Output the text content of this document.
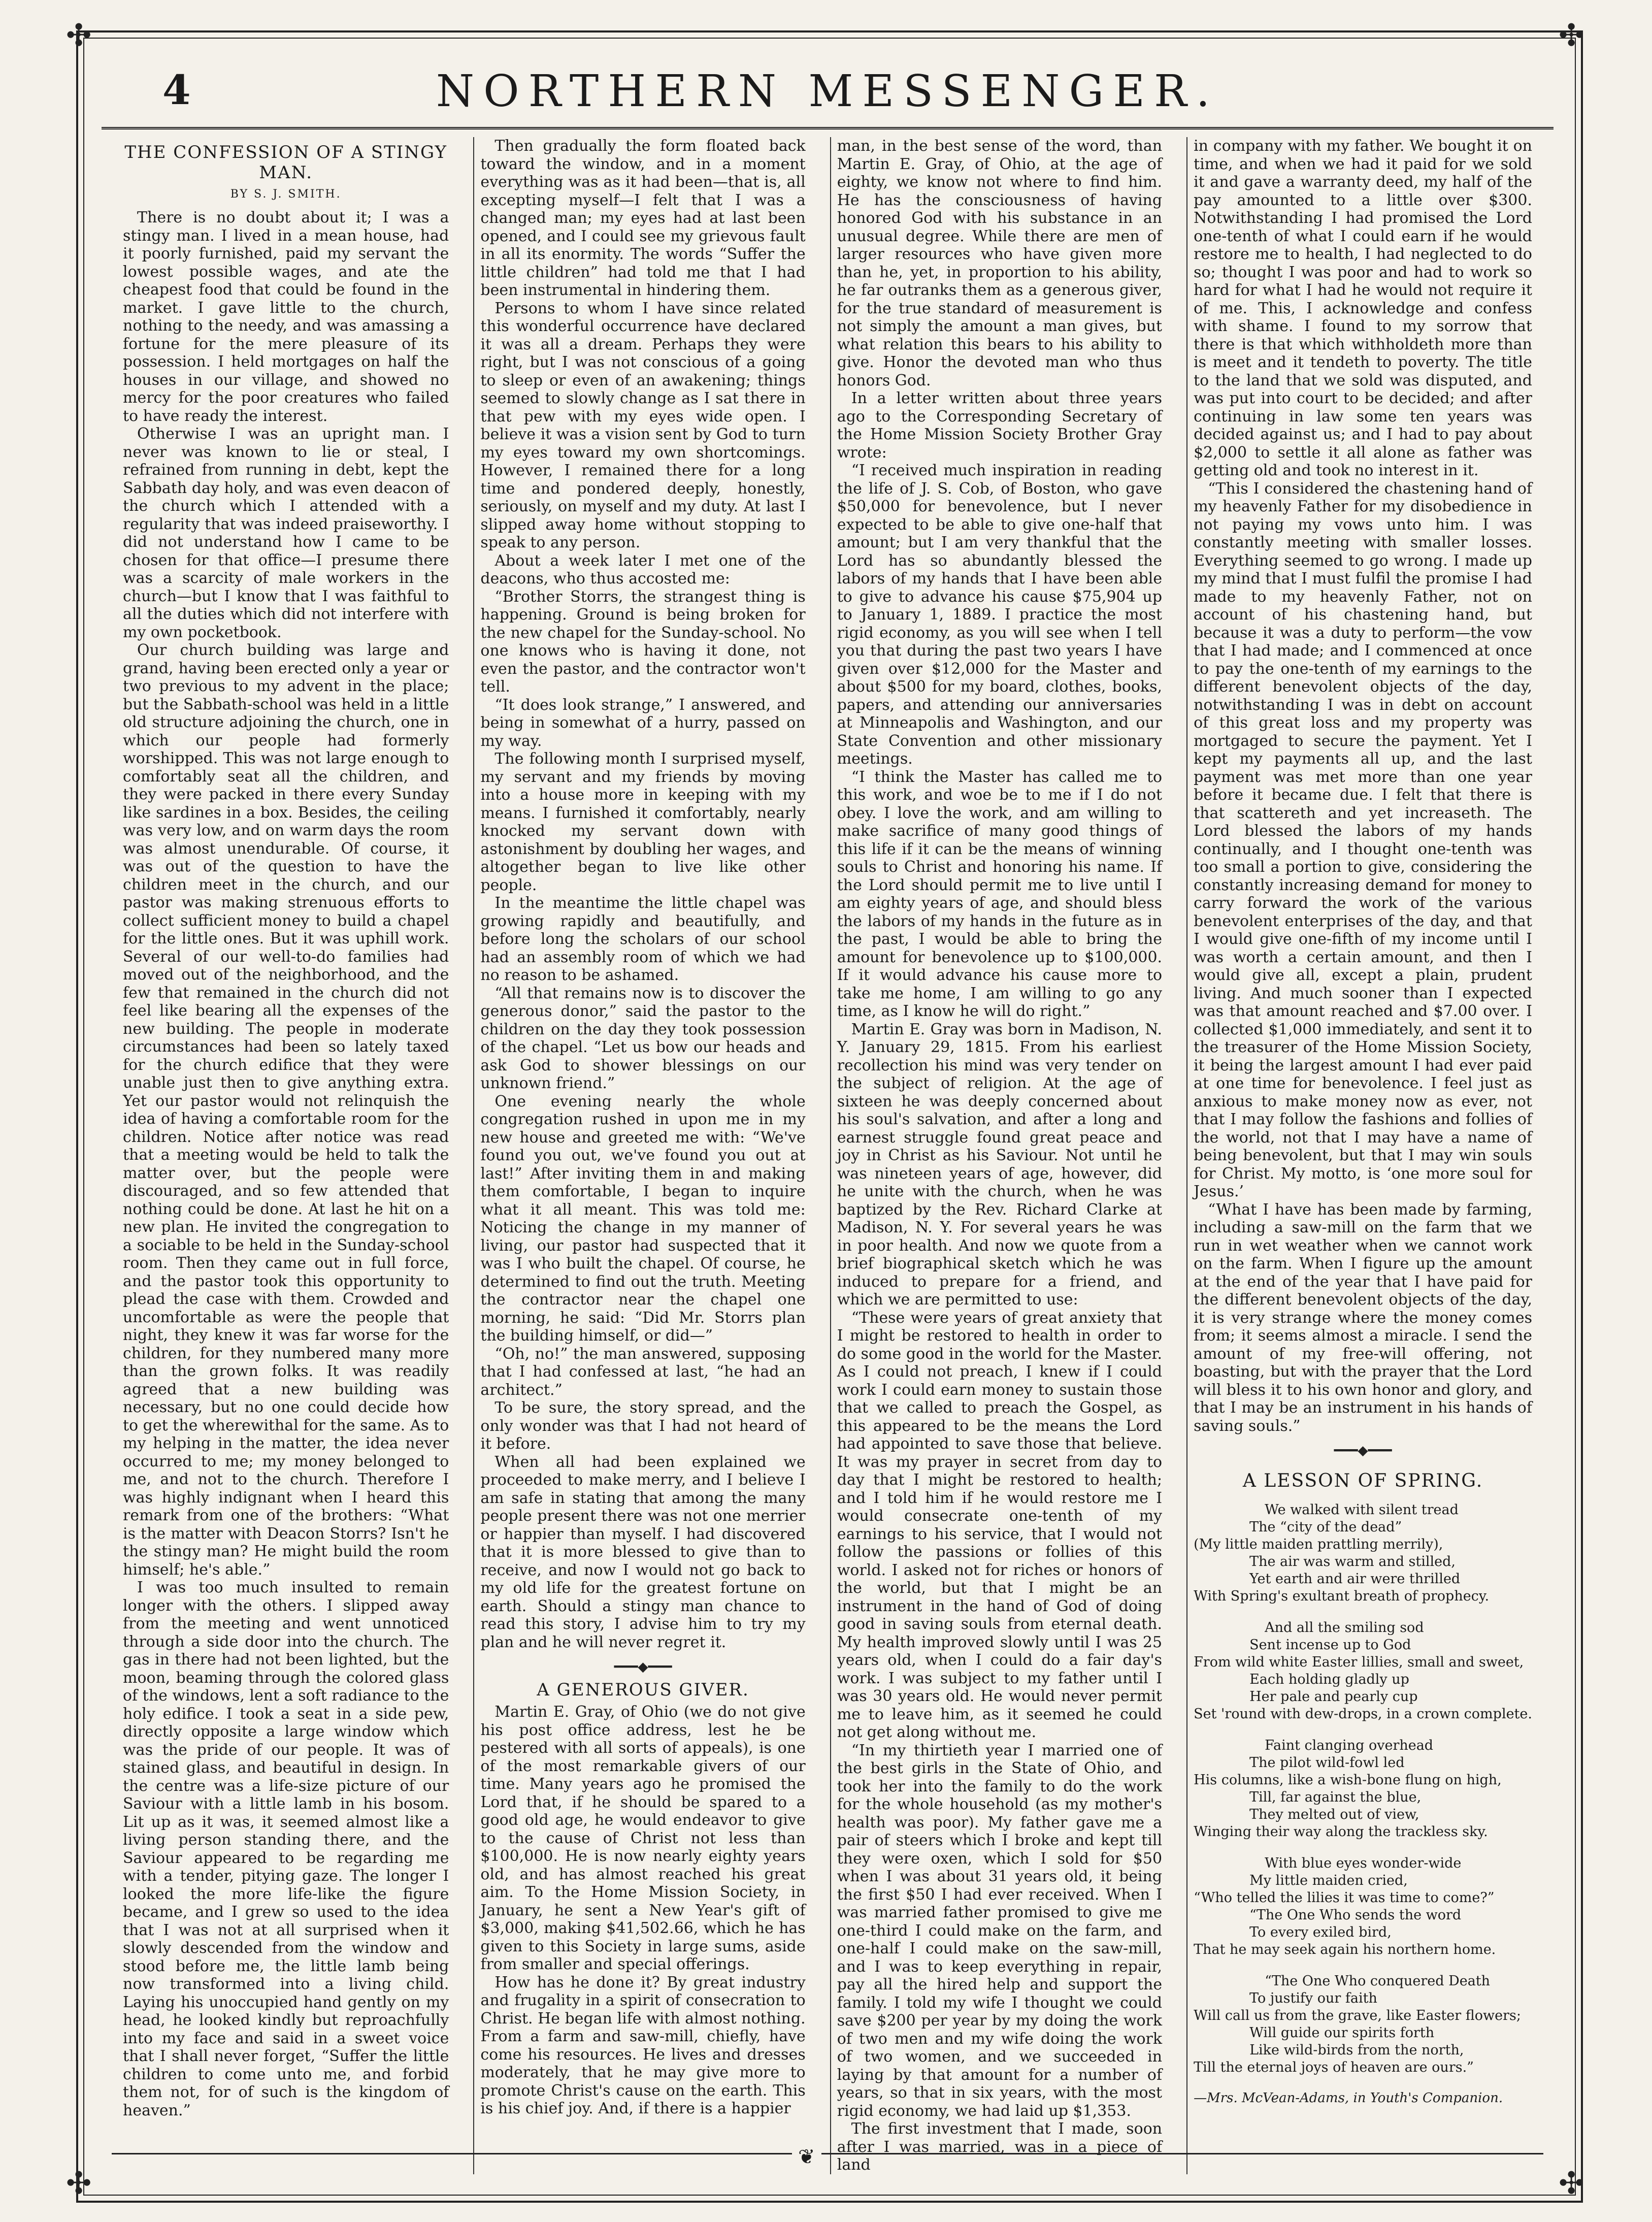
✣	✣
✣	✣
4	NORTHERN MESSENGER.
THE CONFESSION OF A STINGY MAN.
BY S. J. SMITH.

There is no doubt about it; I was a stingy man. I lived in a mean house, had it poorly furnished, paid my servant the lowest possible wages, and ate the cheapest food that could be found in the market. I gave little to the church, nothing to the needy, and was amassing a fortune for the mere pleasure of its possession. I held mortgages on half the houses in our village, and showed no mercy for the poor creatures who failed to have ready the interest.

Otherwise I was an upright man. I never was known to lie or steal, I refrained from running in debt, kept the Sabbath day holy, and was even deacon of the church which I attended with a regularity that was indeed praiseworthy. I did not understand how I came to be chosen for that office—I presume there was a scarcity of male workers in the church—but I know that I was faithful to all the duties which did not interfere with my own pocketbook.

Our church building was large and grand, having been erected only a year or two previous to my advent in the place; but the Sabbath-school was held in a little old structure adjoining the church, one in which our people had formerly worshipped. This was not large enough to comfortably seat all the children, and they were packed in there every Sunday like sardines in a box. Besides, the ceiling was very low, and on warm days the room was almost unendurable. Of course, it was out of the question to have the children meet in the church, and our pastor was making strenuous efforts to collect sufficient money to build a chapel for the little ones. But it was uphill work. Several of our well-to-do families had moved out of the neighborhood, and the few that remained in the church did not feel like bearing all the expenses of the new building. The people in moderate circumstances had been so lately taxed for the church edifice that they were unable just then to give anything extra. Yet our pastor would not relinquish the idea of having a comfortable room for the children. Notice after notice was read that a meeting would be held to talk the matter over, but the people were discouraged, and so few attended that nothing could be done. At last he hit on a new plan. He invited the congregation to a sociable to be held in the Sunday-school room. Then they came out in full force, and the pastor took this opportunity to plead the case with them. Crowded and uncomfortable as were the people that night, they knew it was far worse for the children, for they numbered many more than the grown folks. It was readily agreed that a new building was necessary, but no one could decide how to get the wherewithal for the same. As to my helping in the matter, the idea never occurred to me; my money belonged to me, and not to the church. Therefore I was highly indignant when I heard this remark from one of the brothers: “What is the matter with Deacon Storrs? Isn't he the stingy man? He might build the room himself; he's able.”

I was too much insulted to remain longer with the others. I slipped away from the meeting and went unnoticed through a side door into the church. The gas in there had not been lighted, but the moon, beaming through the colored glass of the windows, lent a soft radiance to the holy edifice. I took a seat in a side pew, directly opposite a large window which was the pride of our people. It was of stained glass, and beautiful in design. In the centre was a life-size picture of our Saviour with a little lamb in his bosom. Lit up as it was, it seemed almost like a living person standing there, and the Saviour appeared to be regarding me with a tender, pitying gaze. The longer I looked the more life-like the figure became, and I grew so used to the idea that I was not at all surprised when it slowly descended from the window and stood before me, the little lamb being now transformed into a living child. Laying his unoccupied hand gently on my head, he looked kindly but reproachfully into my face and said in a sweet voice that I shall never forget, “Suffer the little children to come unto me, and forbid them not, for of such is the kingdom of heaven.”

Then gradually the form floated back toward the window, and in a moment everything was as it had been—that is, all excepting myself—I felt that I was a changed man; my eyes had at last been opened, and I could see my grievous fault in all its enormity. The words “Suffer the little children” had told me that I had been instrumental in hindering them.

Persons to whom I have since related this wonderful occurrence have declared it was all a dream. Perhaps they were right, but I was not conscious of a going to sleep or even of an awakening; things seemed to slowly change as I sat there in that pew with my eyes wide open. I believe it was a vision sent by God to turn my eyes toward my own shortcomings. However, I remained there for a long time and pondered deeply, honestly, seriously, on myself and my duty. At last I slipped away home without stopping to speak to any person.

About a week later I met one of the deacons, who thus accosted me:

“Brother Storrs, the strangest thing is happening. Ground is being broken for the new chapel for the Sunday-school. No one knows who is having it done, not even the pastor, and the contractor won't tell.

“It does look strange,” I answered, and being in somewhat of a hurry, passed on my way.

The following month I surprised myself, my servant and my friends by moving into a house more in keeping with my means. I furnished it comfortably, nearly knocked my servant down with astonishment by doubling her wages, and altogether began to live like other people.

In the meantime the little chapel was growing rapidly and beautifully, and before long the scholars of our school had an assembly room of which we had no reason to be ashamed.

“All that remains now is to discover the generous donor,” said the pastor to the children on the day they took possession of the chapel. “Let us bow our heads and ask God to shower blessings on our unknown friend.”

One evening nearly the whole congregation rushed in upon me in my new house and greeted me with: “We've found you out, we've found you out at last!” After inviting them in and making them comfortable, I began to inquire what it all meant. This was told me: Noticing the change in my manner of living, our pastor had suspected that it was I who built the chapel. Of course, he determined to find out the truth. Meeting the contractor near the chapel one morning, he said: “Did Mr. Storrs plan the building himself, or did—”

“Oh, no!” the man answered, supposing that I had confessed at last, “he had an architect.”

To be sure, the story spread, and the only wonder was that I had not heard of it before.

When all had been explained we proceeded to make merry, and I believe I am safe in stating that among the many people present there was not one merrier or happier than myself. I had discovered that it is more blessed to give than to receive, and now I would not go back to my old life for the greatest fortune on earth. Should a stingy man chance to read this story, I advise him to try my plan and he will never regret it.

━━━◆━━━
A GENEROUS GIVER.

Martin E. Gray, of Ohio (we do not give his post office address, lest he be pestered with all sorts of appeals), is one of the most remarkable givers of our time. Many years ago he promised the Lord that, if he should be spared to a good old age, he would endeavor to give to the cause of Christ not less than $100,000. He is now nearly eighty years old, and has almost reached his great aim. To the Home Mission Society, in January, he sent a New Year's gift of $3,000, making $41,502.66, which he has given to this Society in large sums, aside from smaller and special offerings.

How has he done it? By great industry and frugality in a spirit of consecration to Christ. He began life with almost nothing. From a farm and saw-mill, chiefly, have come his resources. He lives and dresses moderately, that he may give more to promote Christ's cause on the earth. This is his chief joy. And, if there is a happier

man, in the best sense of the word, than Martin E. Gray, of Ohio, at the age of eighty, we know not where to find him. He has the consciousness of having honored God with his substance in an unusual degree. While there are men of larger resources who have given more than he, yet, in proportion to his ability, he far outranks them as a generous giver, for the true standard of measurement is not simply the amount a man gives, but what relation this bears to his ability to give. Honor the devoted man who thus honors God.

In a letter written about three years ago to the Corresponding Secretary of the Home Mission Society Brother Gray wrote:

“I received much inspiration in reading the life of J. S. Cob, of Boston, who gave $50,000 for benevolence, but I never expected to be able to give one-half that amount; but I am very thankful that the Lord has so abundantly blessed the labors of my hands that I have been able to give to advance his cause $75,904 up to January 1, 1889. I practice the most rigid economy, as you will see when I tell you that during the past two years I have given over $12,000 for the Master and about $500 for my board, clothes, books, papers, and attending our anniversaries at Minneapolis and Washington, and our State Convention and other missionary meetings.

“I think the Master has called me to this work, and woe be to me if I do not obey. I love the work, and am willing to make sacrifice of many good things of this life if it can be the means of winning souls to Christ and honoring his name. If the Lord should permit me to live until I am eighty years of age, and should bless the labors of my hands in the future as in the past, I would be able to bring the amount for benevolence up to $100,000. If it would advance his cause more to take me home, I am willing to go any time, as I know he will do right.”

Martin E. Gray was born in Madison, N. Y. January 29, 1815. From his earliest recollection his mind was very tender on the subject of religion. At the age of sixteen he was deeply concerned about his soul's salvation, and after a long and earnest struggle found great peace and joy in Christ as his Saviour. Not until he was nineteen years of age, however, did he unite with the church, when he was baptized by the Rev. Richard Clarke at Madison, N. Y. For several years he was in poor health. And now we quote from a brief biographical sketch which he was induced to prepare for a friend, and which we are permitted to use:

“These were years of great anxiety that I might be restored to health in order to do some good in the world for the Master. As I could not preach, I knew if I could work I could earn money to sustain those that we called to preach the Gospel, as this appeared to be the means the Lord had appointed to save those that believe. It was my prayer in secret from day to day that I might be restored to health; and I told him if he would restore me I would consecrate one-tenth of my earnings to his service, that I would not follow the passions or follies of this world. I asked not for riches or honors of the world, but that I might be an instrument in the hand of God of doing good in saving souls from eternal death. My health improved slowly until I was 25 years old, when I could do a fair day's work. I was subject to my father until I was 30 years old. He would never permit me to leave him, as it seemed he could not get along without me.

“In my thirtieth year I married one of the best girls in the State of Ohio, and took her into the family to do the work for the whole household (as my mother's health was poor). My father gave me a pair of steers which I broke and kept till they were oxen, which I sold for $50 when I was about 31 years old, it being the first $50 I had ever received. When I was married father promised to give me one-third I could make on the farm, and one-half I could make on the saw-mill, and I was to keep everything in repair, pay all the hired help and support the family. I told my wife I thought we could save $200 per year by my doing the work of two men and my wife doing the work of two women, and we succeeded in laying by that amount for a number of years, so that in six years, with the most rigid economy, we had laid up $1,353.

The first investment that I made, soon after I was married, was in a piece of land

in company with my father. We bought it on time, and when we had it paid for we sold it and gave a warranty deed, my half of the pay amounted to a little over $300. Notwithstanding I had promised the Lord one-tenth of what I could earn if he would restore me to health, I had neglected to do so; thought I was poor and had to work so hard for what I had he would not require it of me. This, I acknowledge and confess with shame. I found to my sorrow that there is that which withholdeth more than is meet and it tendeth to poverty. The title to the land that we sold was disputed, and was put into court to be decided; and after continuing in law some ten years was decided against us; and I had to pay about $2,000 to settle it all alone as father was getting old and took no interest in it.

“This I considered the chastening hand of my heavenly Father for my disobedience in not paying my vows unto him. I was constantly meeting with smaller losses. Everything seemed to go wrong. I made up my mind that I must fulfil the promise I had made to my heavenly Father, not on account of his chastening hand, but because it was a duty to perform—the vow that I had made; and I commenced at once to pay the one-tenth of my earnings to the different benevolent objects of the day, notwithstanding I was in debt on account of this great loss and my property was mortgaged to secure the payment. Yet I kept my payments all up, and the last payment was met more than one year before it became due. I felt that there is that scattereth and yet increaseth. The Lord blessed the labors of my hands continually, and I thought one-tenth was too small a portion to give, considering the constantly increasing demand for money to carry forward the work of the various benevolent enterprises of the day, and that I would give one-fifth of my income until I was worth a certain amount, and then I would give all, except a plain, prudent living. And much sooner than I expected was that amount reached and $7.00 over. I collected $1,000 immediately, and sent it to the treasurer of the Home Mission Society, it being the largest amount I had ever paid at one time for benevolence. I feel just as anxious to make money now as ever, not that I may follow the fashions and follies of the world, not that I may have a name of being benevolent, but that I may win souls for Christ. My motto, is ‘one more soul for Jesus.’

“What I have has been made by farming, including a saw-mill on the farm that we run in wet weather when we cannot work on the farm. When I figure up the amount at the end of the year that I have paid for the different benevolent objects of the day, it is very strange where the money comes from; it seems almost a miracle. I send the amount of my free-will offering, not boasting, but with the prayer that the Lord will bless it to his own honor and glory, and that I may be an instrument in his hands of saving souls.”

━━━◆━━━
A LESSON OF SPRING.
We walked with silent tread
The “city of the dead”
(My little maiden prattling merrily),
The air was warm and stilled,
Yet earth and air were thrilled
With Spring's exultant breath of prophecy.
And all the smiling sod
Sent incense up to God
From wild white Easter lillies, small and sweet,
Each holding gladly up
Her pale and pearly cup
Set 'round with dew-drops, in a crown complete.
Faint clanging overhead
The pilot wild-fowl led
His columns, like a wish-bone flung on high,
Till, far against the blue,
They melted out of view,
Winging their way along the trackless sky.
With blue eyes wonder-wide
My little maiden cried,
“Who telled the lilies it was time to come?”
“The One Who sends the word
To every exiled bird,
That he may seek again his northern home.
“The One Who conquered Death
To justify our faith
Will call us from the grave, like Easter flowers;
Will guide our spirits forth
Like wild-birds from the north,
Till the eternal joys of heaven are ours.”
—Mrs. McVean-Adams, in Youth's Companion.
❦
